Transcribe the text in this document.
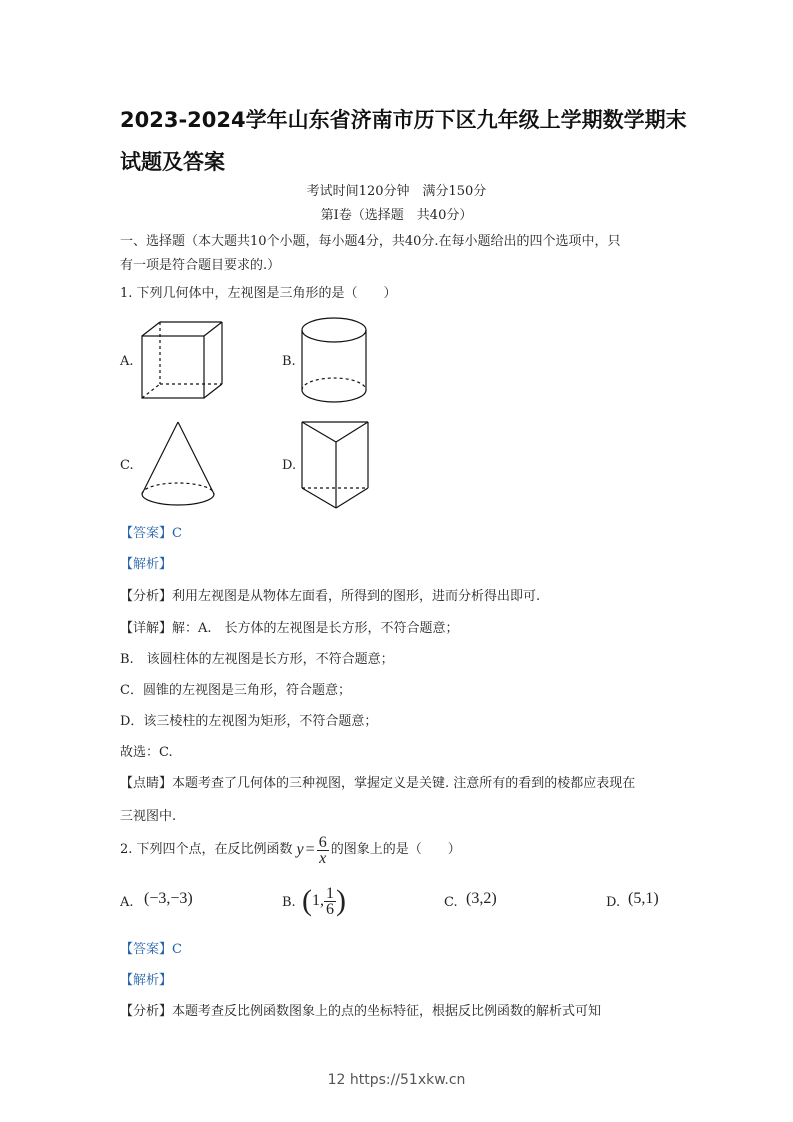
2023-2024学年山东省济南市历下区九年级上学期数学期末
试题及答案
考试时间120分钟　满分150分
第Ⅰ卷（选择题　共40分）
一、选择题（本大题共10个小题，每小题4分，共40分.在每小题给出的四个选项中，只
有一项是符合题目要求的.）
1. 下列几何体中，左视图是三角形的是（　　）
A.	B.
C.	D.
【答案】C
【解析】
【分析】利用左视图是从物体左面看，所得到的图形，进而分析得出即可.
【详解】解：A.　长方体的左视图是长方形，不符合题意；
B.　该圆柱体的左视图是长方形，不符合题意；
C．圆锥的左视图是三角形，符合题意；
D．该三棱柱的左视图为矩形，不符合题意；
故选：C.
【点睛】本题考查了几何体的三种视图，掌握定义是关键. 注意所有的看到的棱都应表现在
三视图中.
2. 下列四个点，在反比例函数 $y = \frac{6}{x}$ 的图象上的是（　　）
A. (−3,−3)	B. ( 1, $\frac{1}{6}$ )	C. (3,2)	D. (5,1)
【答案】C
【解析】
【分析】本题考查反比例函数图象上的点的坐标特征，根据反比例函数的解析式可知
12 https://51xkw.cn
